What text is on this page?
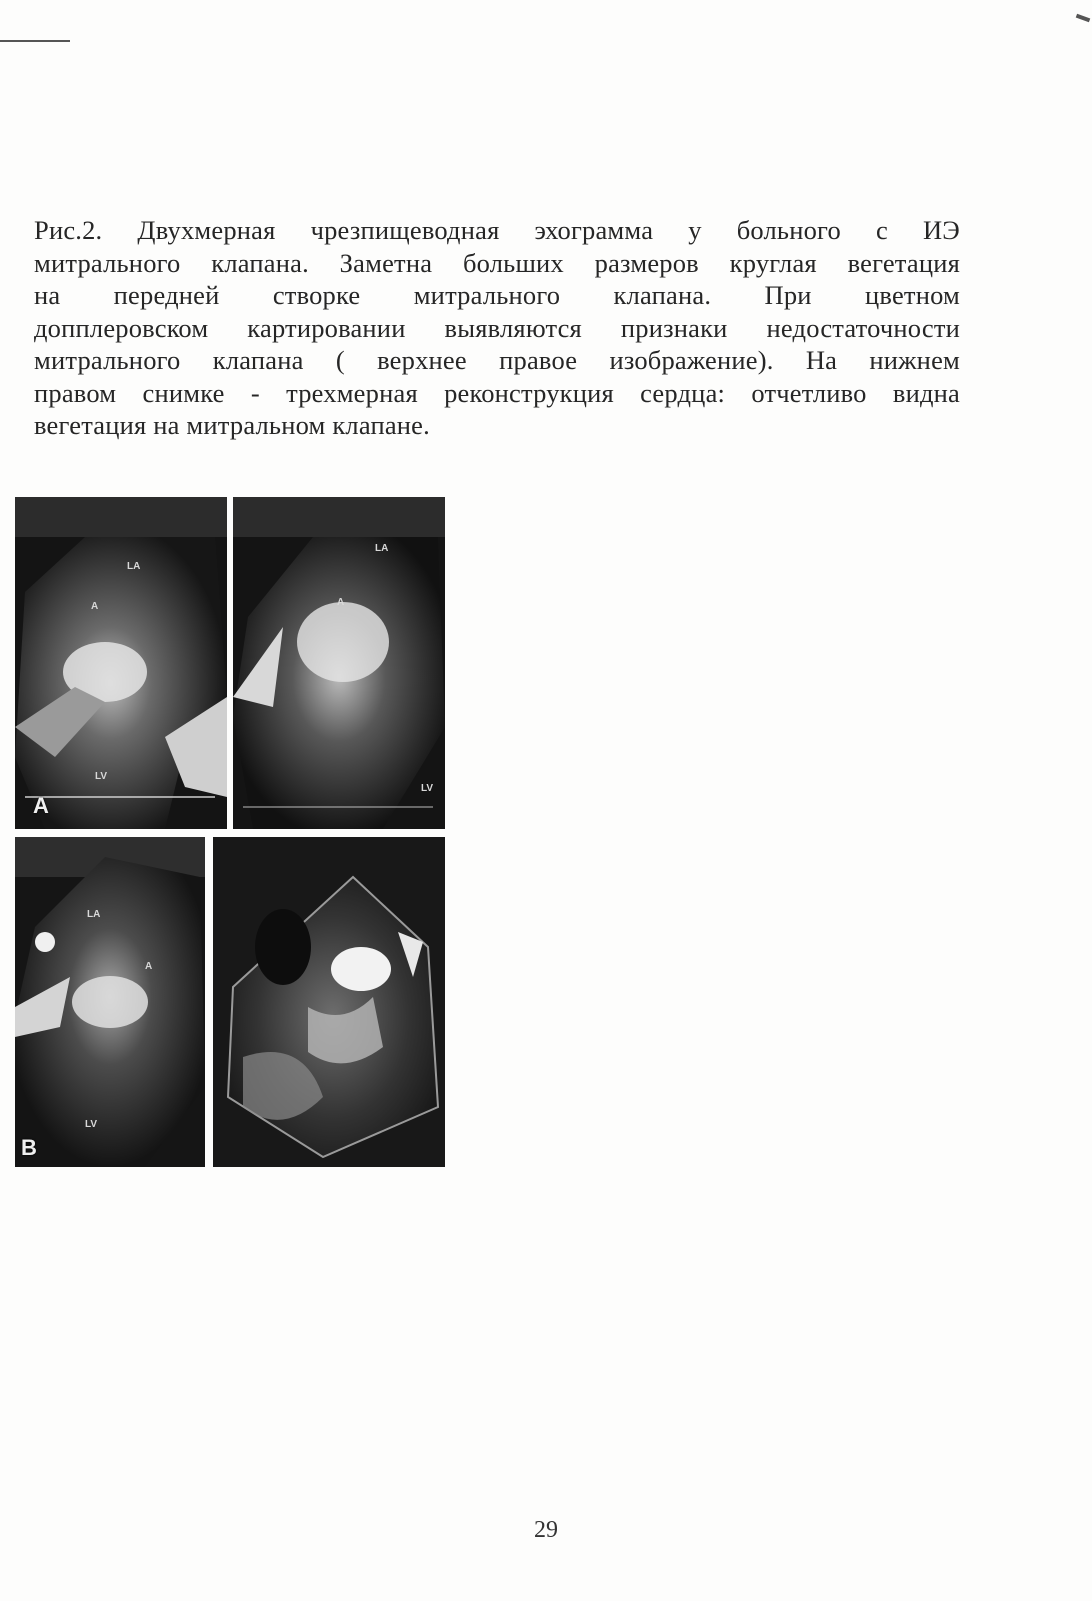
Рис.2. Двухмерная чрезпищеводная эхограмма у больного с ИЭ
митрального клапана. Заметна больших размеров круглая вегетация
на передней створке митрального клапана. При цветном
допплеровском картировании выявляются признаки недостаточности
митрального клапана ( верхнее правое изображение). На нижнем
правом снимке - трехмерная реконструкция сердца: отчетливо видна
вегетация на митральном клапане.
LA
A
LV
A
LA
A
LV
LA
A
LV
B
29
